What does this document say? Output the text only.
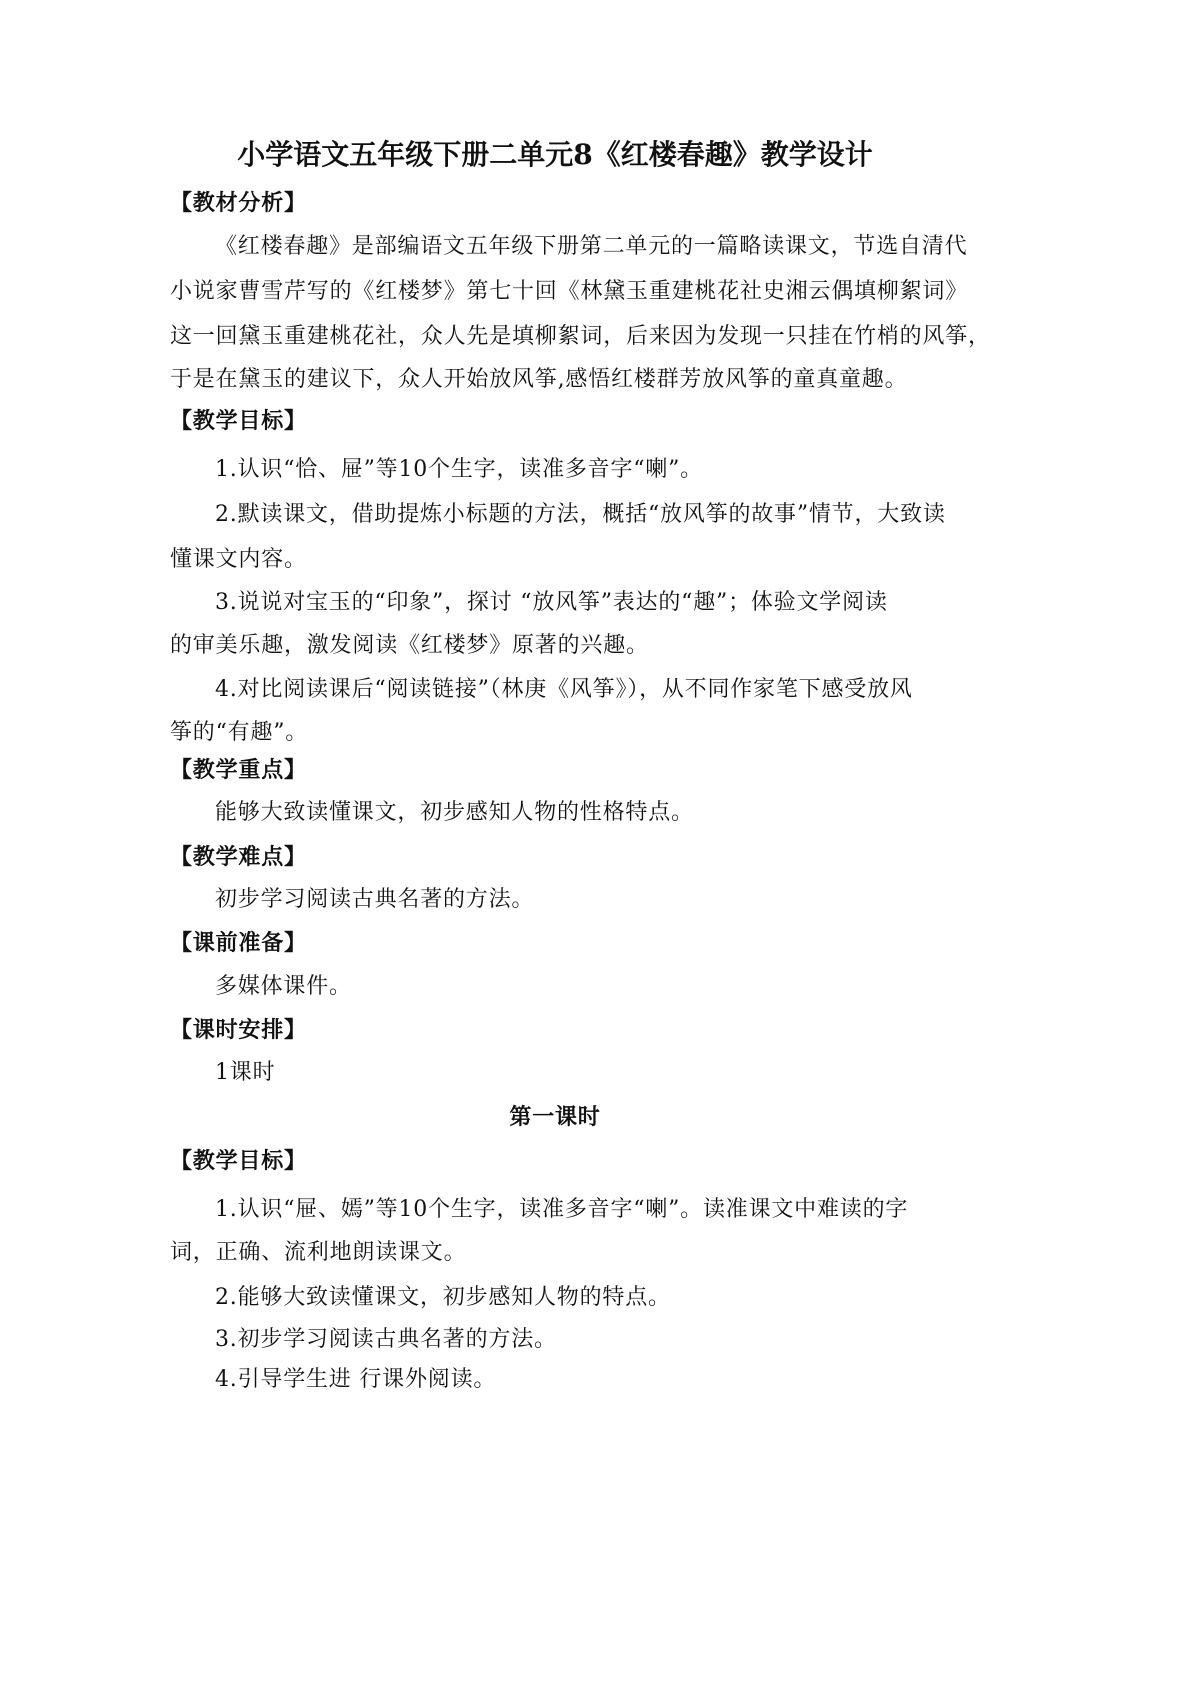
小学语文五年级下册二单元8《红楼春趣》教学设计
【教材分析】
《红楼春趣》是部编语文五年级下册第二单元的一篇略读课文，节选自清代
小说家曹雪芹写的《红楼梦》第七十回《林黛玉重建桃花社史湘云偶填柳絮词》
这一回黛玉重建桃花社，众人先是填柳絮词，后来因为发现一只挂在竹梢的风筝，
于是在黛玉的建议下，众人开始放风筝,感悟红楼群芳放风筝的童真童趣。
【教学目标】
1.认识“恰、屉”等10个生字，读准多音字“喇”。
2.默读课文，借助提炼小标题的方法，概括“放风筝的故事”情节，大致读
懂课文内容。
3.说说对宝玉的“印象”，探讨 “放风筝”表达的“趣”；体验文学阅读
的审美乐趣，激发阅读《红楼梦》原著的兴趣。
4.对比阅读课后“阅读链接”（林庚《风筝》），从不同作家笔下感受放风
筝的“有趣”。
【教学重点】
能够大致读懂课文，初步感知人物的性格特点。
【教学难点】
初步学习阅读古典名著的方法。
【课前准备】
多媒体课件。
【课时安排】
1课时
第一课时
【教学目标】
1.认识“屉、嫣”等10个生字，读准多音字“喇”。读准课文中难读的字
词，正确、流利地朗读课文。
2.能够大致读懂课文，初步感知人物的特点。
3.初步学习阅读古典名著的方法。
4.引导学生进 行课外阅读。
